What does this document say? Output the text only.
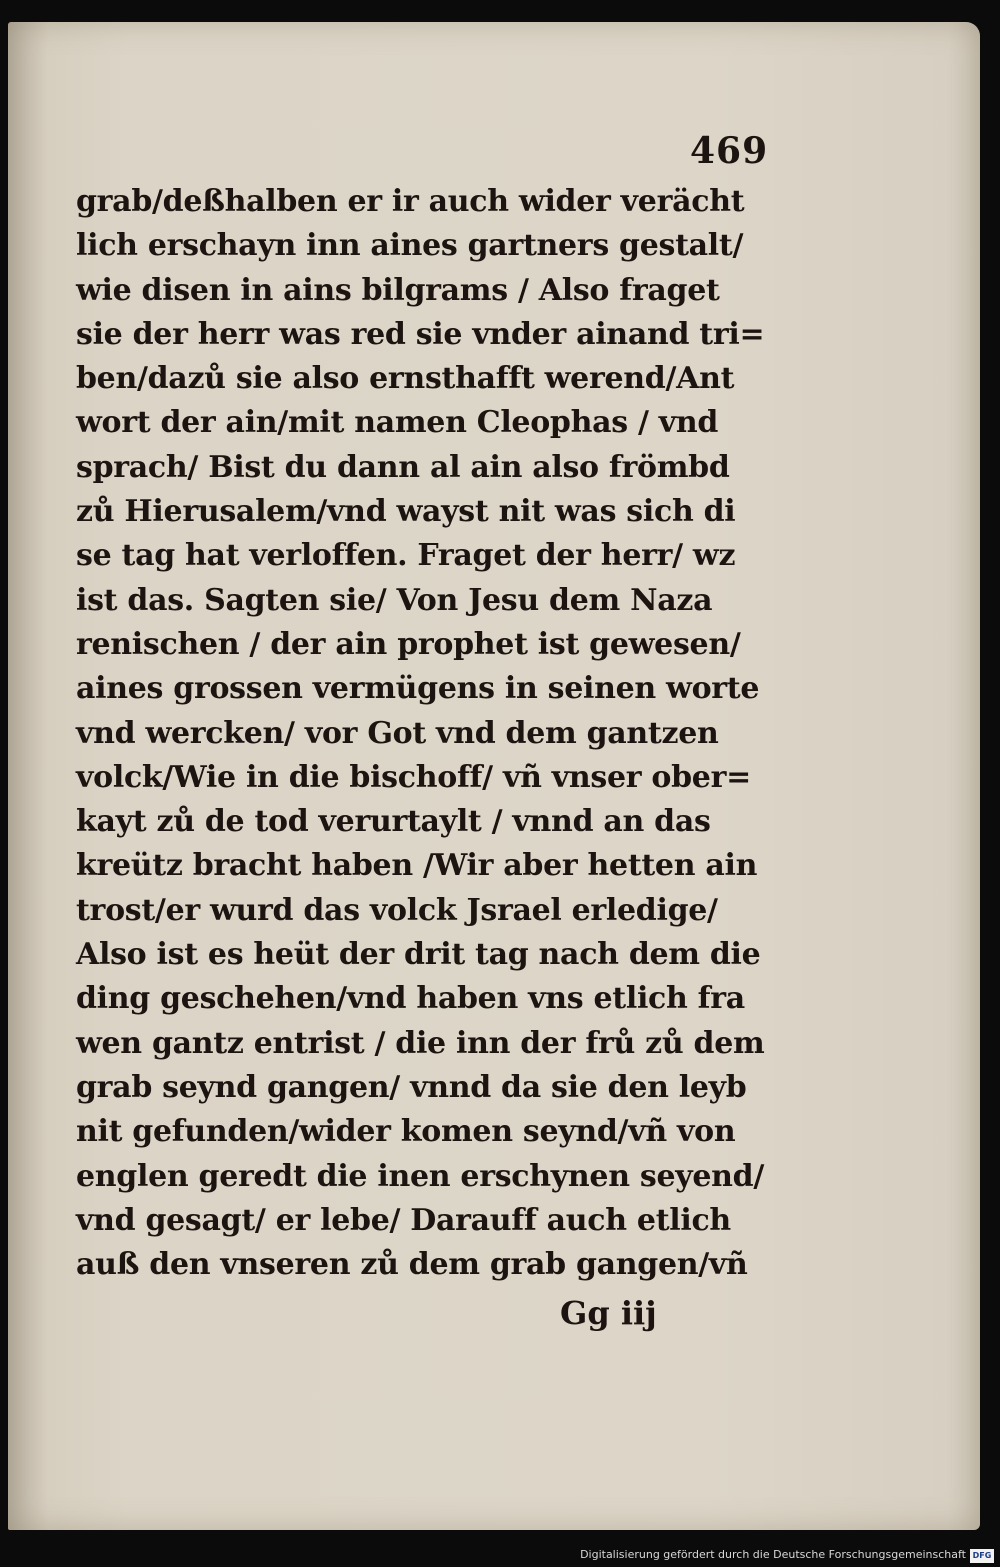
469
grab/deßhalben er ir auch wider verächt
lich erschayn inn aines gartners gestalt/
wie disen in ains bilgrams / Also fraget
sie der herr was red sie vnder ainand tri=
ben/dazů sie also ernsthafft werend/Ant
wort der ain/mit namen Cleophas / vnd
sprach/ Bist du dann al ain also frömbd
zů Hierusalem/vnd wayst nit was sich di
se tag hat verloffen. Fraget der herr/ wz
ist das. Sagten sie/ Von Jesu dem Naza
renischen / der ain prophet ist gewesen/
aines grossen vermügens in seinen worte
vnd wercken/ vor Got vnd dem gantzen
volck/Wie in die bischoff/ vñ vnser ober=
kayt zů de tod verurtaylt / vnnd an das
kreütz bracht haben /Wir aber hetten ain
trost/er wurd das volck Jsrael erledige/
Also ist es heüt der drit tag nach dem die
ding geschehen/vnd haben vns etlich fra
wen gantz entrist / die inn der frů zů dem
grab seynd gangen/ vnnd da sie den leyb
nit gefunden/wider komen seynd/vñ von
englen geredt die inen erschynen seyend/
vnd gesagt/ er lebe/ Darauff auch etlich
auß den vnseren zů dem grab gangen/vñ
Gg iij
Digitalisierung gefördert durch die Deutsche Forschungsgemeinschaft DFG
